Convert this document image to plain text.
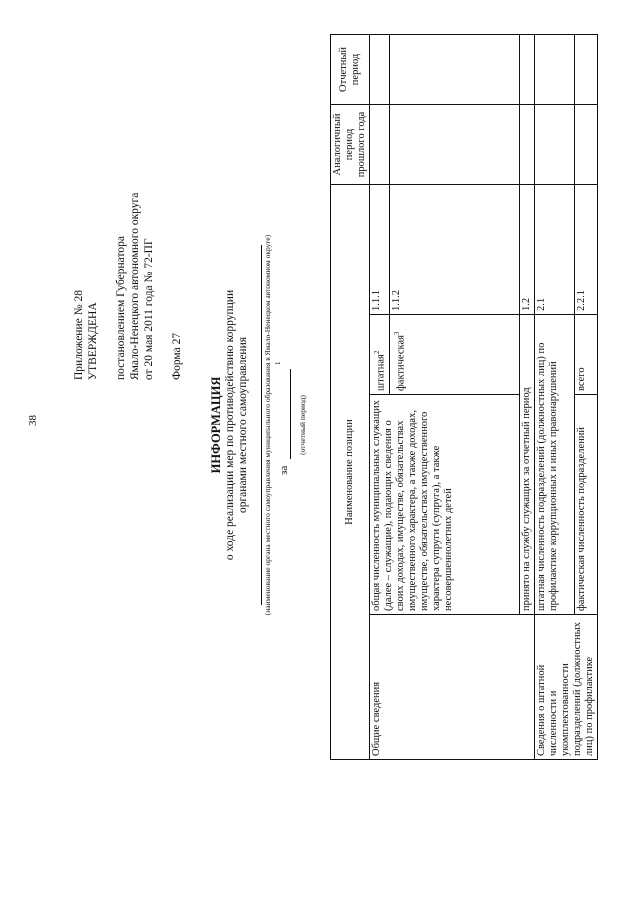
38
Приложение № 28 УТВЕРЖДЕНА постановлением Губернатора Ямало-Ненецкого автономного округа от 20 мая 2011 года № 72-ПГ Форма 27
ИНФОРМАЦИЯ о ходе реализации мер по противодействию коррупции органами местного самоуправления (наименование органа местного самоуправления муниципального образования в Ямало-Ненецком автономном округе) за
1
(отчетный период)	Наименование позиции				Аналогичный период прошлого года	Отчетный период
Общие сведения	общая численность муниципальных служащих (далее – служащие), подающих сведения о своих доходах, имуществе, обязательствах имущественного характера, а также доходах, имуществе, обязательствах имущественного характера супруги (супруга), а также несовершеннолетних детей	штатная$^2$	1.1.1		
		фактическая$^3$	1.1.2		
	принято на службу служащих за отчетный период		1.2		
Сведения о штатной численности и укомплектованности подразделений (должностных лиц) по профилактике	штатная численность подразделений (должностных лиц) по профилактике коррупционных и иных правонарушений		2.1		
	фактическая численность подразделений	всего	2.2.1		
